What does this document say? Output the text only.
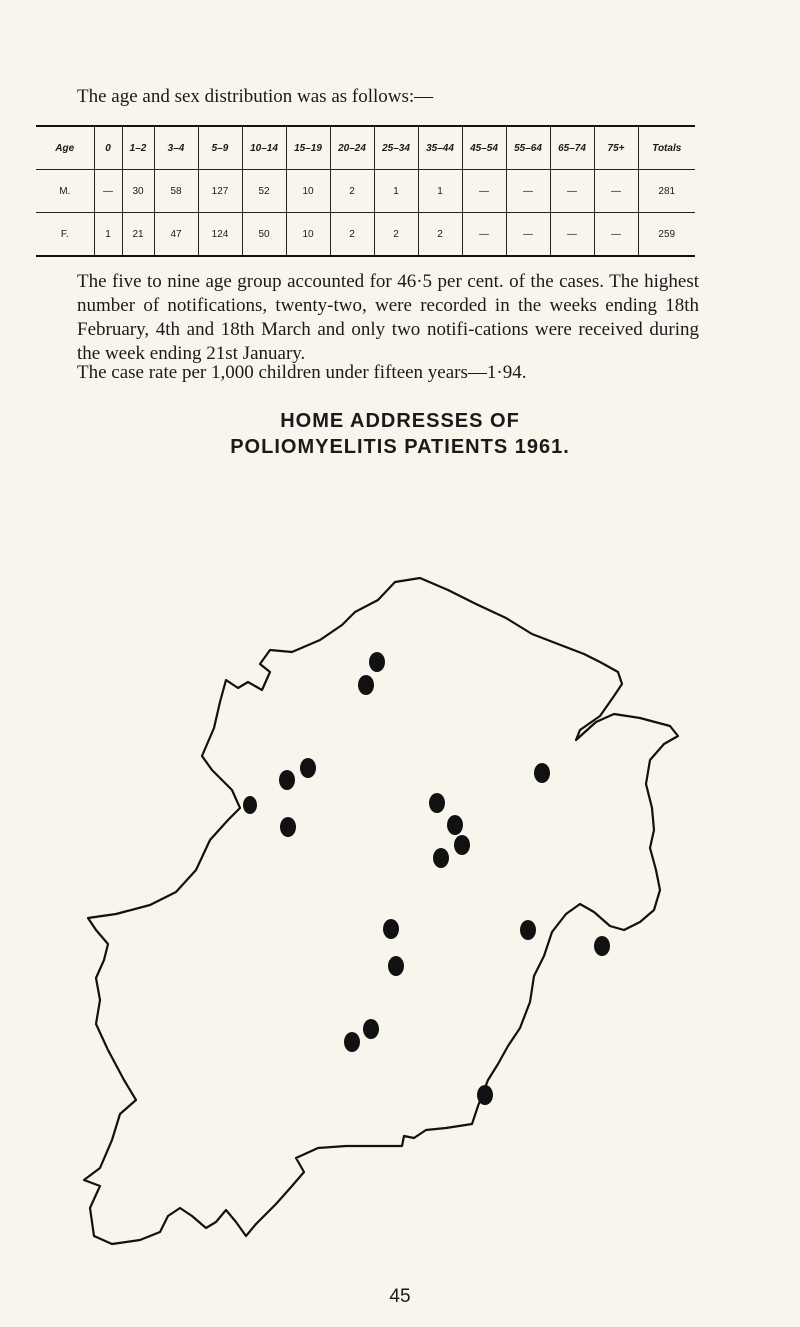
The age and sex distribution was as follows:—

Age	0	1–2	3–4	5–9	10–14	15–19	20–24	25–34	35–44	45–54	55–64	65–74	75+	Totals
M.	—	30	58	127	52	10	2	1	1	—	—	—	—	281
F.	1	21	47	124	50	10	2	2	2	—	—	—	—	259

The five to nine age group accounted for 46·5 per cent. of the cases. The highest number of notifications, twenty-two, were recorded in the weeks ending 18th February, 4th and 18th March and only two notifi-cations were received during the week ending 21st January.

The case rate per 1,000 children under fifteen years—1·94.

HOME ADDRESSES OF

POLIOMYELITIS PATIENTS 1961.

45
